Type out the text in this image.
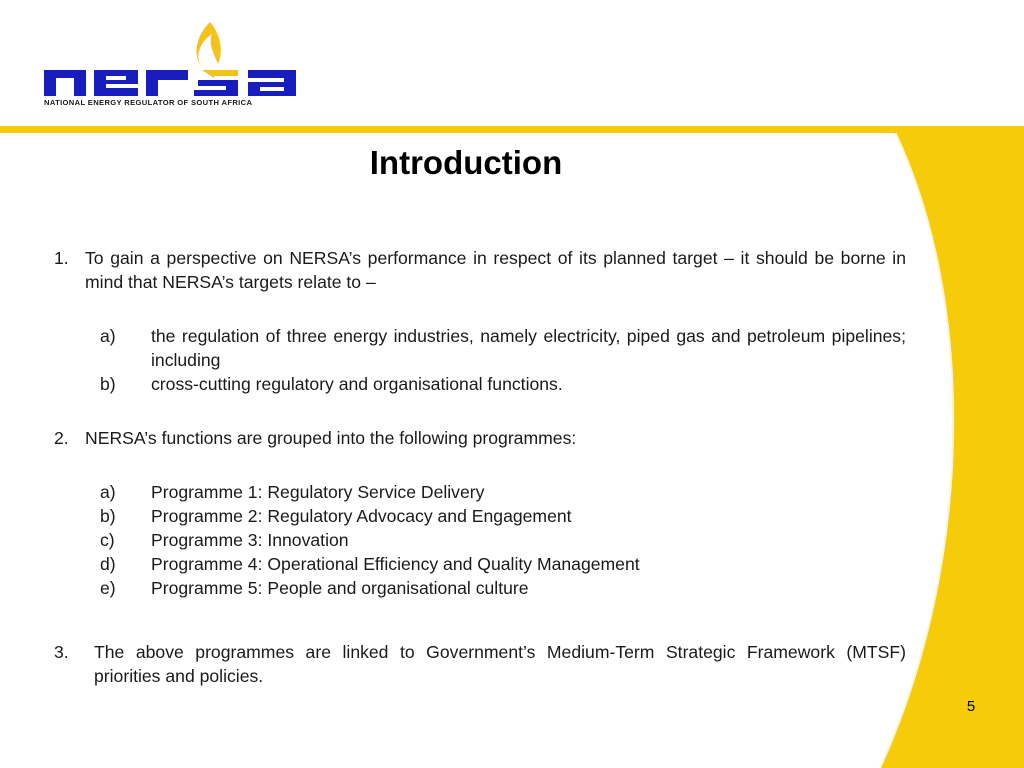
NATIONAL ENERGY REGULATOR OF SOUTH AFRICA
Introduction
1. To gain a perspective on NERSA’s performance in respect of its planned target – it should be borne in mind that NERSA’s targets relate to –
a)	the regulation of three energy industries, namely electricity, piped gas and petroleum pipelines; including
b)	cross-cutting regulatory and organisational functions.
2. NERSA’s functions are grouped into the following programmes:
a)	Programme 1: Regulatory Service Delivery
b)	Programme 2: Regulatory Advocacy and Engagement
c)	Programme 3: Innovation
d)	Programme 4: Operational Efficiency and Quality Management
e)	Programme 5: People and organisational culture
3.	The above programmes are linked to Government’s Medium-Term Strategic Framework (MTSF) priorities and policies.
5
